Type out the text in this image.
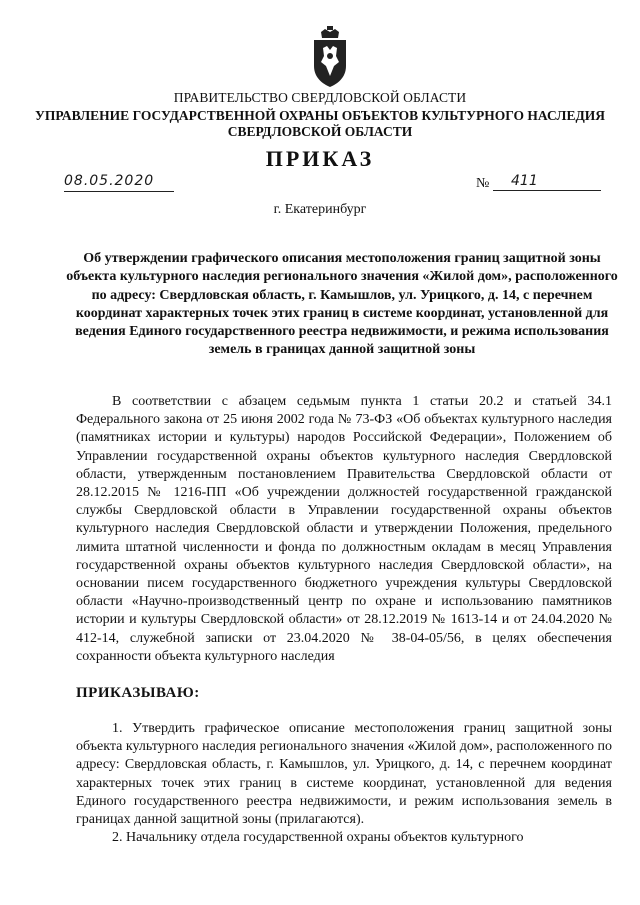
ПРАВИТЕЛЬСТВО СВЕРДЛОВСКОЙ ОБЛАСТИ
УПРАВЛЕНИЕ ГОСУДАРСТВЕННОЙ ОХРАНЫ ОБЪЕКТОВ КУЛЬТУРНОГО НАСЛЕДИЯ
СВЕРДЛОВСКОЙ ОБЛАСТИ
ПРИКАЗ
08.05.2020	№	411
г. Екатеринбург
Об утверждении графического описания местоположения границ защитной зоны объекта культурного наследия регионального значения «Жилой дом», расположенного по адресу: Свердловская область, г. Камышлов, ул. Урицкого, д. 14, с перечнем координат характерных точек этих границ в системе координат, установленной для ведения Единого государственного реестра недвижимости, и режима использования земель в границах данной защитной зоны

В соответствии с абзацем седьмым пункта 1 статьи 20.2 и статьей 34.1 Федерального закона от 25 июня 2002 года № 73-ФЗ «Об объектах культурного наследия (памятниках истории и культуры) народов Российской Федерации», Положением об Управлении государственной охраны объектов культурного наследия Свердловской области, утвержденным постановлением Правительства Свердловской области от 28.12.2015 № 1216-ПП «Об учреждении должностей государственной гражданской службы Свердловской области в Управлении государственной охраны объектов культурного наследия Свердловской области и утверждении Положения, предельного лимита штатной численности и фонда по должностным окладам в месяц Управления государственной охраны объектов культурного наследия Свердловской области», на основании писем государственного бюджетного учреждения культуры Свердловской области «Научно-производственный центр по охране и использованию памятников истории и культуры Свердловской области» от 28.12.2019 № 1613-14 и от 24.04.2020 № 412-14, служебной записки от 23.04.2020 № 38-04-05/56, в целях обеспечения сохранности объекта культурного наследия

ПРИКАЗЫВАЮ:

1. Утвердить графическое описание местоположения границ защитной зоны объекта культурного наследия регионального значения «Жилой дом», расположенного по адресу: Свердловская область, г. Камышлов, ул. Урицкого, д. 14, с перечнем координат характерных точек этих границ в системе координат, установленной для ведения Единого государственного реестра недвижимости, и режим использования земель в границах данной защитной зоны (прилагаются).

2. Начальнику отдела государственной охраны объектов культурного
